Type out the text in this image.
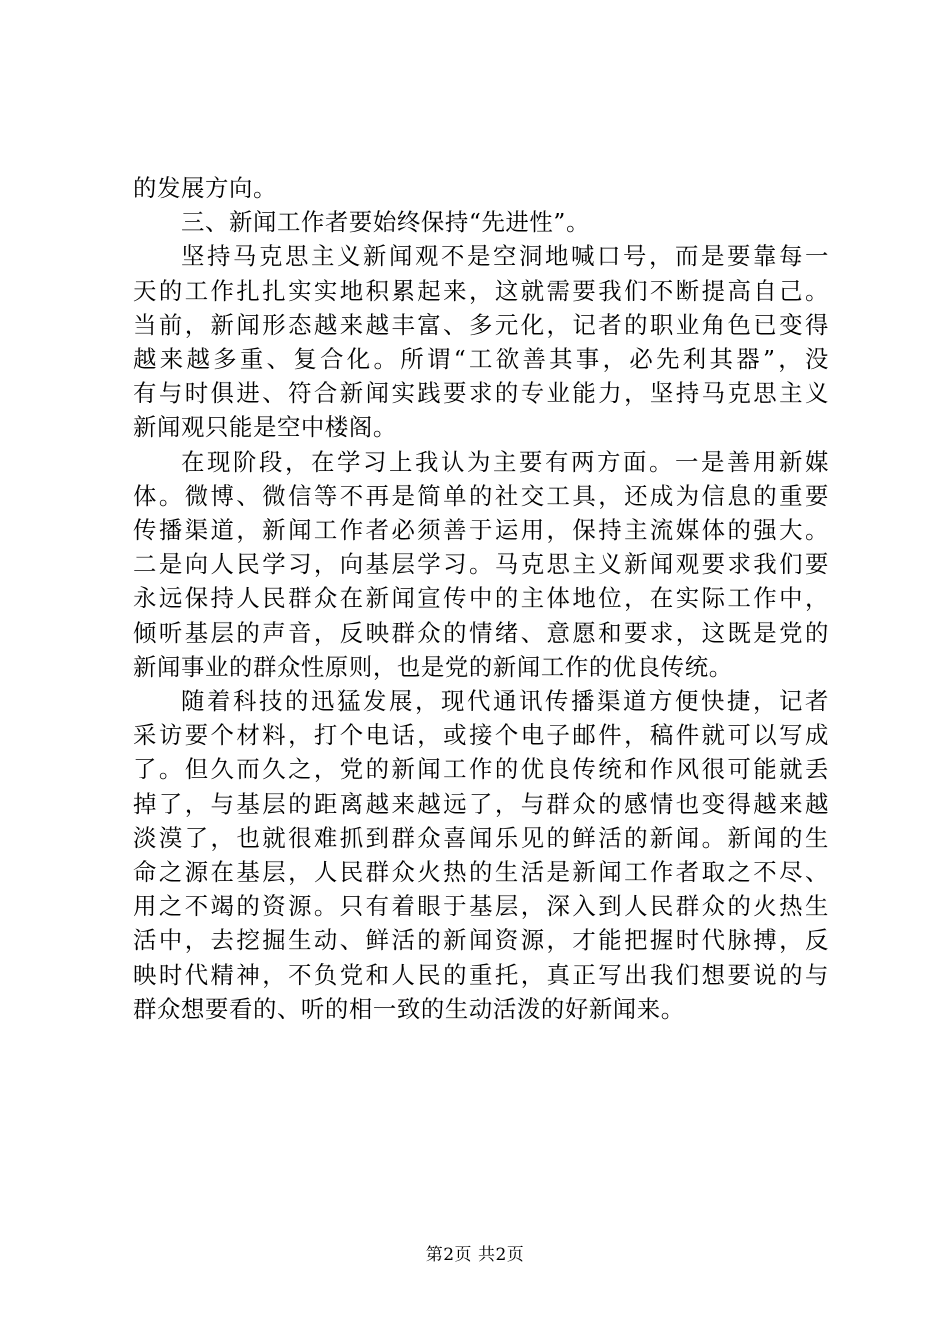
的发展方向。
三、新闻工作者要始终保持“先进性”。
坚持马克思主义新闻观不是空洞地喊口号，而是要靠每一
天的工作扎扎实实地积累起来，这就需要我们不断提高自己。
当前，新闻形态越来越丰富、多元化，记者的职业角色已变得
越来越多重、复合化。所谓“工欲善其事，必先利其器”，没
有与时俱进、符合新闻实践要求的专业能力，坚持马克思主义
新闻观只能是空中楼阁。
在现阶段，在学习上我认为主要有两方面。一是善用新媒
体。微博、微信等不再是简单的社交工具，还成为信息的重要
传播渠道，新闻工作者必须善于运用，保持主流媒体的强大。
二是向人民学习，向基层学习。马克思主义新闻观要求我们要
永远保持人民群众在新闻宣传中的主体地位，在实际工作中，
倾听基层的声音，反映群众的情绪、意愿和要求，这既是党的
新闻事业的群众性原则，也是党的新闻工作的优良传统。
随着科技的迅猛发展，现代通讯传播渠道方便快捷，记者
采访要个材料，打个电话，或接个电子邮件，稿件就可以写成
了。但久而久之，党的新闻工作的优良传统和作风很可能就丢
掉了，与基层的距离越来越远了，与群众的感情也变得越来越
淡漠了，也就很难抓到群众喜闻乐见的鲜活的新闻。新闻的生
命之源在基层，人民群众火热的生活是新闻工作者取之不尽、
用之不竭的资源。只有着眼于基层，深入到人民群众的火热生
活中，去挖掘生动、鲜活的新闻资源，才能把握时代脉搏，反
映时代精神，不负党和人民的重托，真正写出我们想要说的与
群众想要看的、听的相一致的生动活泼的好新闻来。
第2页 共2页
